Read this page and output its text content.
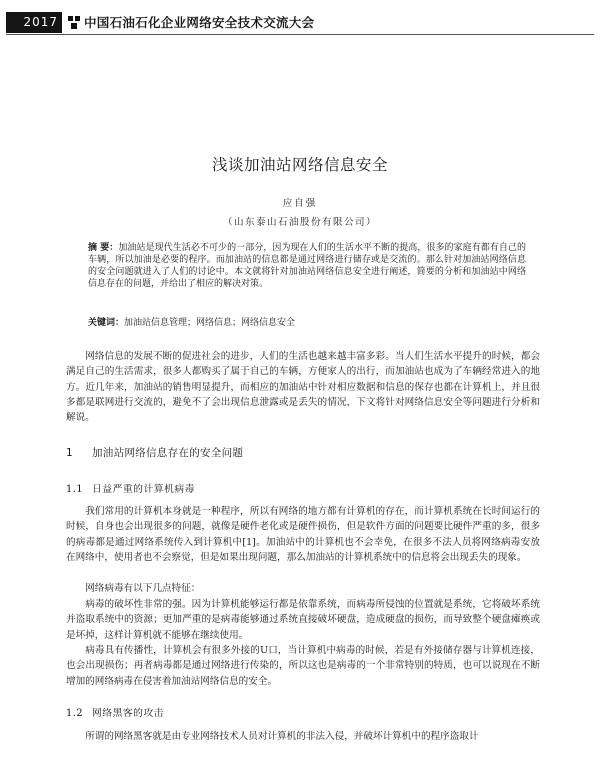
2017	中国石油石化企业网络安全技术交流大会
浅谈加油站网络信息安全
应自强
（山东泰山石油股份有限公司）
摘 要：加油站是现代生活必不可少的一部分，因为现在人们的生活水平不断的提高，很多的家庭有都有自己的车辆，所以加油是必要的程序。而加油站的信息都是通过网络进行储存或是交流的。那么针对加油站网络信息的安全问题就进入了人们的讨论中。本文就将针对加油站网络信息安全进行阐述，简要的分析和加油站中网络信息存在的问题，并给出了相应的解决对策。
关键词：加油站信息管理；网络信息；网络信息安全

网络信息的发展不断的促进社会的进步，人们的生活也越来越丰富多彩。当人们生活水平提升的时候，都会满足自己的生活需求，很多人都购买了属于自己的车辆，方便家人的出行，而加油站也成为了车辆经常进入的地方。近几年来，加油站的销售明显提升，而相应的加油站中针对相应数据和信息的保存也都在计算机上，并且很多都是联网进行交流的，避免不了会出现信息泄露或是丢失的情况，下文将针对网络信息安全等问题进行分析和解说。

1 加油站网络信息存在的安全问题
1.1 日益严重的计算机病毒

我们常用的计算机本身就是一种程序，所以有网络的地方都有计算机的存在，而计算机系统在长时间运行的时候，自身也会出现很多的问题，就像是硬件老化或是硬件损伤，但是软件方面的问题要比硬件严重的多，很多的病毒都是通过网络系统传入到计算机中[1]。加油站中的计算机也不会幸免，在很多不法人员将网络病毒安放在网络中，使用者也不会察觉，但是如果出现问题，那么加油站的计算机系统中的信息将会出现丢失的现象。

网络病毒有以下几点特征：

病毒的破坏性非常的强。因为计算机能够运行都是依靠系统，而病毒所侵蚀的位置就是系统，它将破坏系统并盗取系统中的资源；更加严重的是病毒能够通过系统直接破坏硬盘，造成硬盘的损伤，而导致整个硬盘瘫痪或是坏掉，这样计算机就不能够在继续使用。

病毒具有传播性，计算机会有很多外接的U口，当计算机中病毒的时候，若是有外接储存器与计算机连接，也会出现损伤；再者病毒都是通过网络进行传染的，所以这也是病毒的一个非常特别的特质，也可以说现在不断增加的网络病毒在侵害着加油站网络信息的安全。

1.2 网络黑客的攻击

所谓的网络黑客就是由专业网络技术人员对计算机的非法入侵，并破坏计算机中的程序盗取计
